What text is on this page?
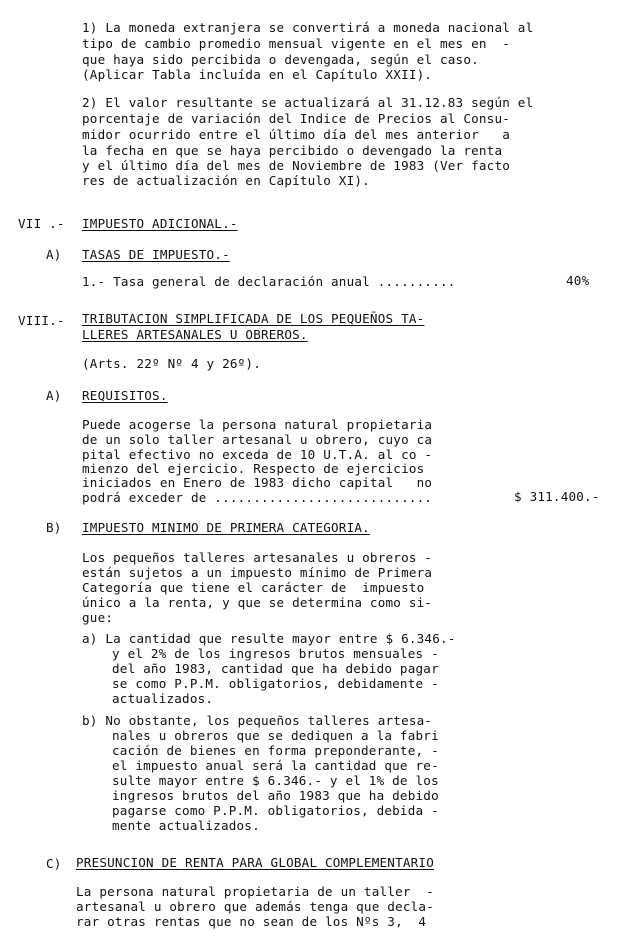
1) La moneda extranjera se convertirá a moneda nacional al
tipo de cambio promedio mensual vigente en el mes en  -
que haya sido percibida o devengada, según el caso.
(Aplicar Tabla incluída en el Capítulo XXII).
2) El valor resultante se actualizará al 31.12.83 según el
porcentaje de variación del Indice de Precios al Consu-
midor ocurrido entre el último día del mes anterior   a
la fecha en que se haya percibido o devengado la renta
y el último día del mes de Noviembre de 1983 (Ver facto
res de actualización en Capítulo XI).
VII .- IMPUESTO ADICIONAL.-
A) TASAS DE IMPUESTO.-
1.- Tasa general de declaración anual ..........	40%
VIII.- TRIBUTACION SIMPLIFICADA DE LOS PEQUEÑOS TA-
LLERES ARTESANALES U OBREROS.
(Arts. 22º Nº 4 y 26º).
A) REQUISITOS.
Puede acogerse la persona natural propietaria
de un solo taller artesanal u obrero, cuyo ca
pital efectivo no exceda de 10 U.T.A. al co -
mienzo del ejercicio. Respecto de ejercicios
iniciados en Enero de 1983 dicho capital   no
podrá exceder de ............................	$ 311.400.-
B) IMPUESTO MINIMO DE PRIMERA CATEGORIA.
Los pequeños talleres artesanales u obreros -
están sujetos a un impuesto mínimo de Primera
Categoría que tiene el carácter de  impuesto
único a la renta, y que se determina como si-
gue:
a) La cantidad que resulte mayor entre $ 6.346.-
y el 2% de los ingresos brutos mensuales -
del año 1983, cantidad que ha debido pagar
se como P.P.M. obligatorios, debidamente -
actualizados.
b) No obstante, los pequeños talleres artesa-
nales u obreros que se dediquen a la fabri
cación de bienes en forma preponderante, -
el impuesto anual será la cantidad que re-
sulte mayor entre $ 6.346.- y el 1% de los
ingresos brutos del año 1983 que ha debido
pagarse como P.P.M. obligatorios, debida -
mente actualizados.
C) PRESUNCION DE RENTA PARA GLOBAL COMPLEMENTARIO
La persona natural propietaria de un taller  -
artesanal u obrero que además tenga que decla-
rar otras rentas que no sean de los Nºs 3,  4
